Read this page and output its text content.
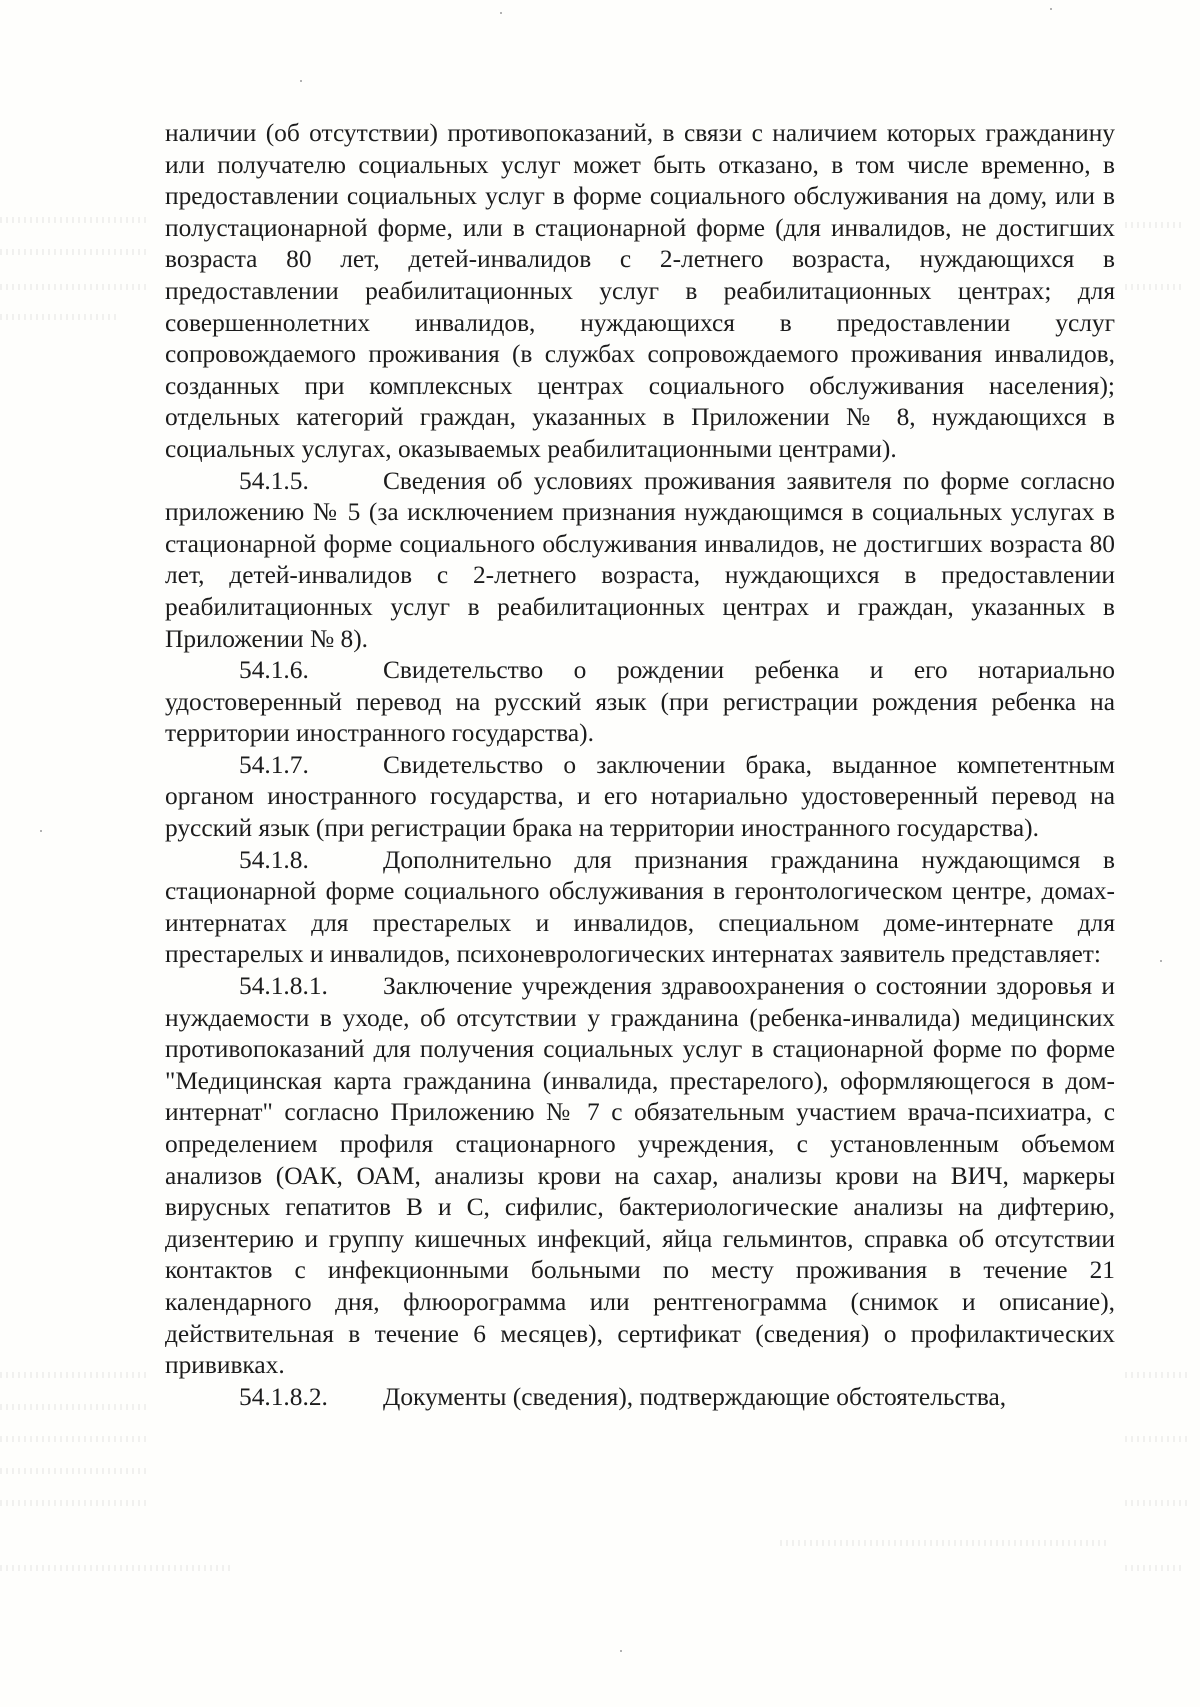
наличии (об отсутствии) противопоказаний, в связи с наличием которых гражданину или получателю социальных услуг может быть отказано, в том числе временно, в предоставлении социальных услуг в форме социального обслуживания на дому, или в полустационарной форме, или в стационарной форме (для инвалидов, не достигших возраста 80 лет, детей-инвалидов с 2-летнего возраста, нуждающихся в предоставлении реабилитационных услуг в реабилитационных центрах; для совершеннолетних инвалидов, нуждающихся в предоставлении услуг сопровождаемого проживания (в службах сопровождаемого проживания инвалидов, созданных при комплексных центрах социального обслуживания населения); отдельных категорий граждан, указанных в Приложении № 8, нуждающихся в социальных услугах, оказываемых реабилитационными центрами).

54.1.5.	Сведения об условиях проживания заявителя по форме согласно приложению № 5 (за исключением признания нуждающимся в социальных услугах в стационарной форме социального обслуживания инвалидов, не достигших возраста 80 лет, детей-инвалидов с 2-летнего возраста, нуждающихся в предоставлении реабилитационных услуг в реабилитационных центрах и граждан, указанных в Приложении № 8).

54.1.6.	Свидетельство о рождении ребенка и его нотариально удостоверенный перевод на русский язык (при регистрации рождения ребенка на территории иностранного государства).

54.1.7.	Свидетельство о заключении брака, выданное компетентным органом иностранного государства, и его нотариально удостоверенный перевод на русский язык (при регистрации брака на территории иностранного государства).

54.1.8.	Дополнительно для признания гражданина нуждающимся в стационарной форме социального обслуживания в геронтологическом центре, домах-интернатах для престарелых и инвалидов, специальном доме-интернате для престарелых и инвалидов, психоневрологических интернатах заявитель представляет:

54.1.8.1. Заключение учреждения здравоохранения о состоянии здоровья и нуждаемости в уходе, об отсутствии у гражданина (ребенка-инвалида) медицинских противопоказаний для получения социальных услуг в стационарной форме по форме "Медицинская карта гражданина (инвалида, престарелого), оформляющегося в дом-интернат" согласно Приложению № 7 с обязательным участием врача-психиатра, с определением профиля стационарного учреждения, с установленным объемом анализов (ОАК, ОАМ, анализы крови на сахар, анализы крови на ВИЧ, маркеры вирусных гепатитов В и С, сифилис, бактериологические анализы на дифтерию, дизентерию и группу кишечных инфекций, яйца гельминтов, справка об отсутствии контактов с инфекционными больными по месту проживания в течение 21 календарного дня, флюорограмма или рентгенограмма (снимок и описание), действительная в течение 6 месяцев), сертификат (сведения) о профилактических прививках.

54.1.8.2. Документы (сведения), подтверждающие обстоятельства,
